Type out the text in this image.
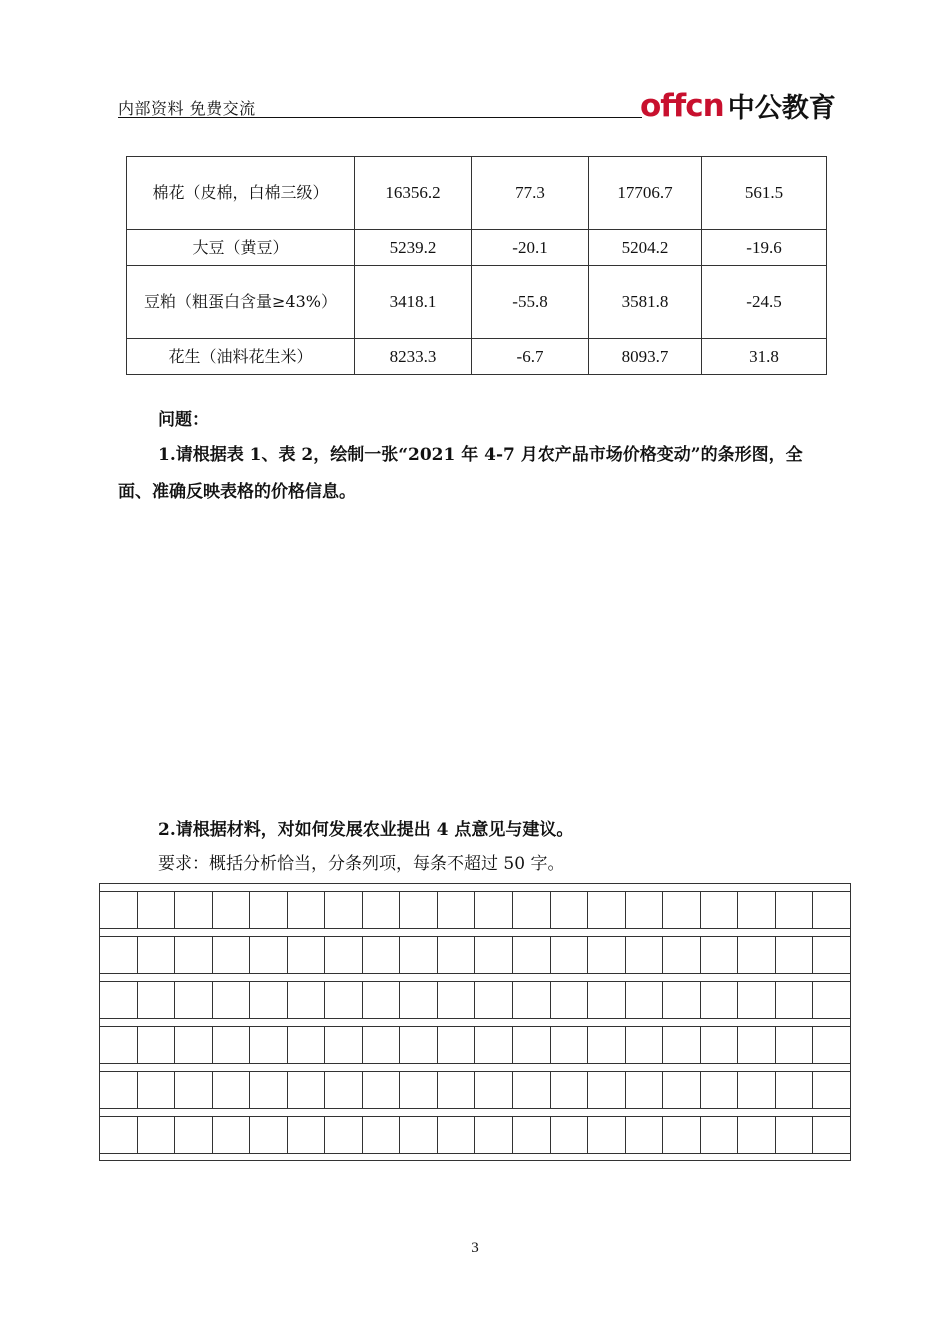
内部资料 免费交流	offcn 中公教育
棉花（皮棉，白棉三级）	16356.2	77.3	17706.7	561.5
大豆（黄豆）	5239.2	-20.1	5204.2	-19.6
豆粕（粗蛋白含量≥43%）	3418.1	-55.8	3581.8	-24.5
花生（油料花生米）	8233.3	-6.7	8093.7	31.8
问题：
1.请根据表 1、表 2，绘制一张“2021 年 4-7 月农产品市场价格变动”的条形图，全面、准确反映表格的价格信息。
2.请根据材料，对如何发展农业提出 4 点意见与建议。
要求：概括分析恰当，分条列项，每条不超过 50 字。
3
